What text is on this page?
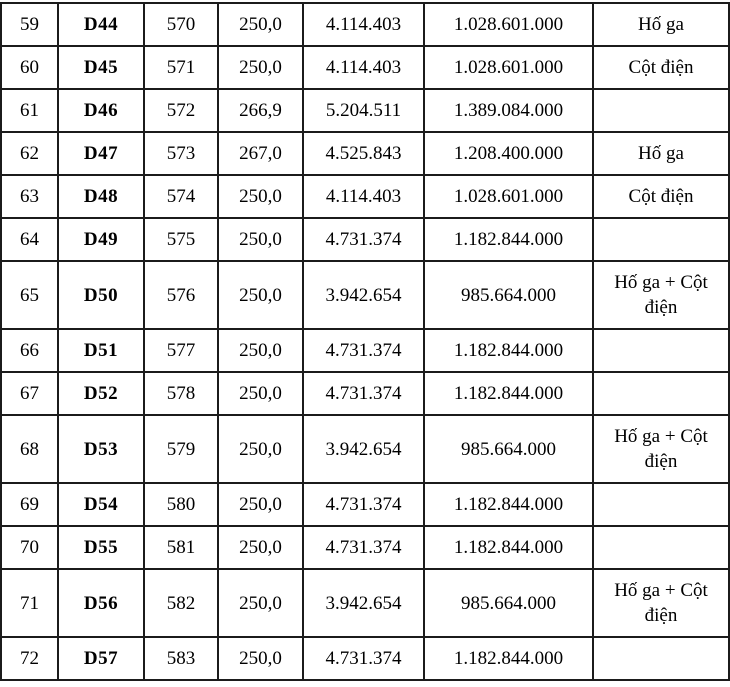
59	D44	570	250,0	4.114.403	1.028.601.000	Hố ga
60	D45	571	250,0	4.114.403	1.028.601.000	Cột điện
61	D46	572	266,9	5.204.511	1.389.084.000	
62	D47	573	267,0	4.525.843	1.208.400.000	Hố ga
63	D48	574	250,0	4.114.403	1.028.601.000	Cột điện
64	D49	575	250,0	4.731.374	1.182.844.000	
65	D50	576	250,0	3.942.654	985.664.000	Hố ga + Cột điện
66	D51	577	250,0	4.731.374	1.182.844.000	
67	D52	578	250,0	4.731.374	1.182.844.000	
68	D53	579	250,0	3.942.654	985.664.000	Hố ga + Cột điện
69	D54	580	250,0	4.731.374	1.182.844.000	
70	D55	581	250,0	4.731.374	1.182.844.000	
71	D56	582	250,0	3.942.654	985.664.000	Hố ga + Cột điện
72	D57	583	250,0	4.731.374	1.182.844.000	
